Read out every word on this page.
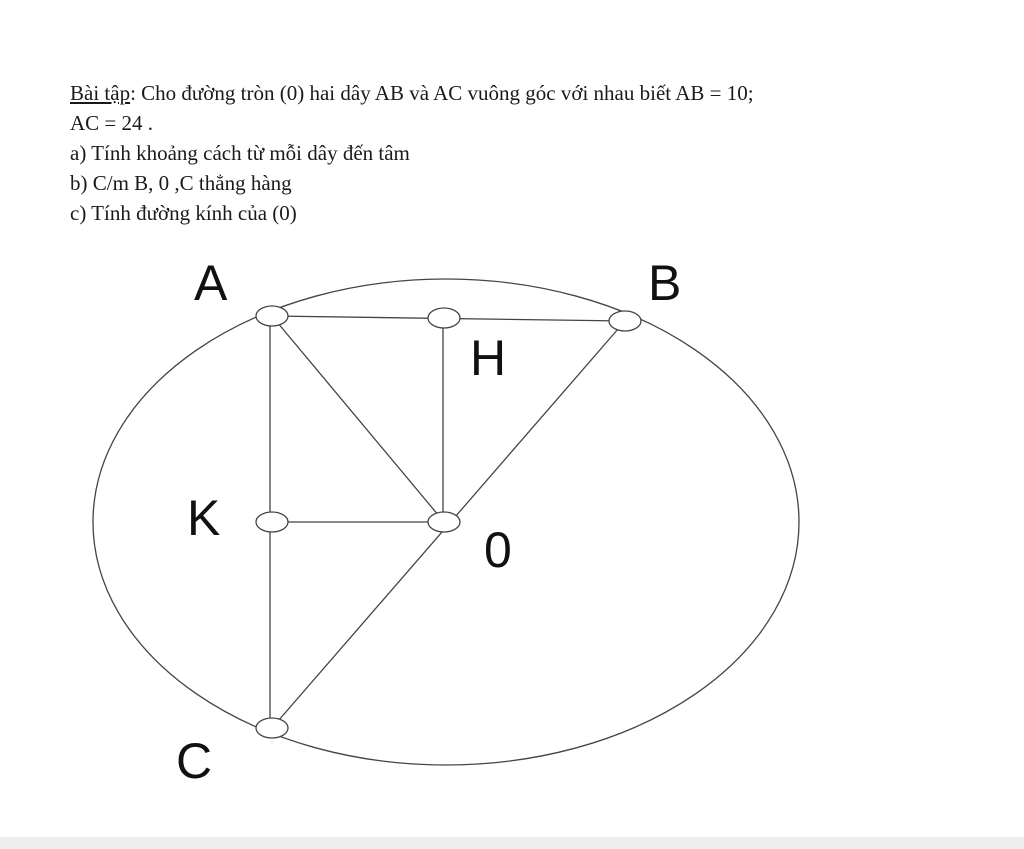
Bài tập: Cho đường tròn (0) hai dây AB và AC vuông góc với nhau biết AB = 10;
AC = 24 .
a) Tính khoảng cách từ mỗi dây đến tâm
b) C/m B, 0 ,C thẳng hàng
c) Tính đường kính của (0)
A	B
H
K
0
C
